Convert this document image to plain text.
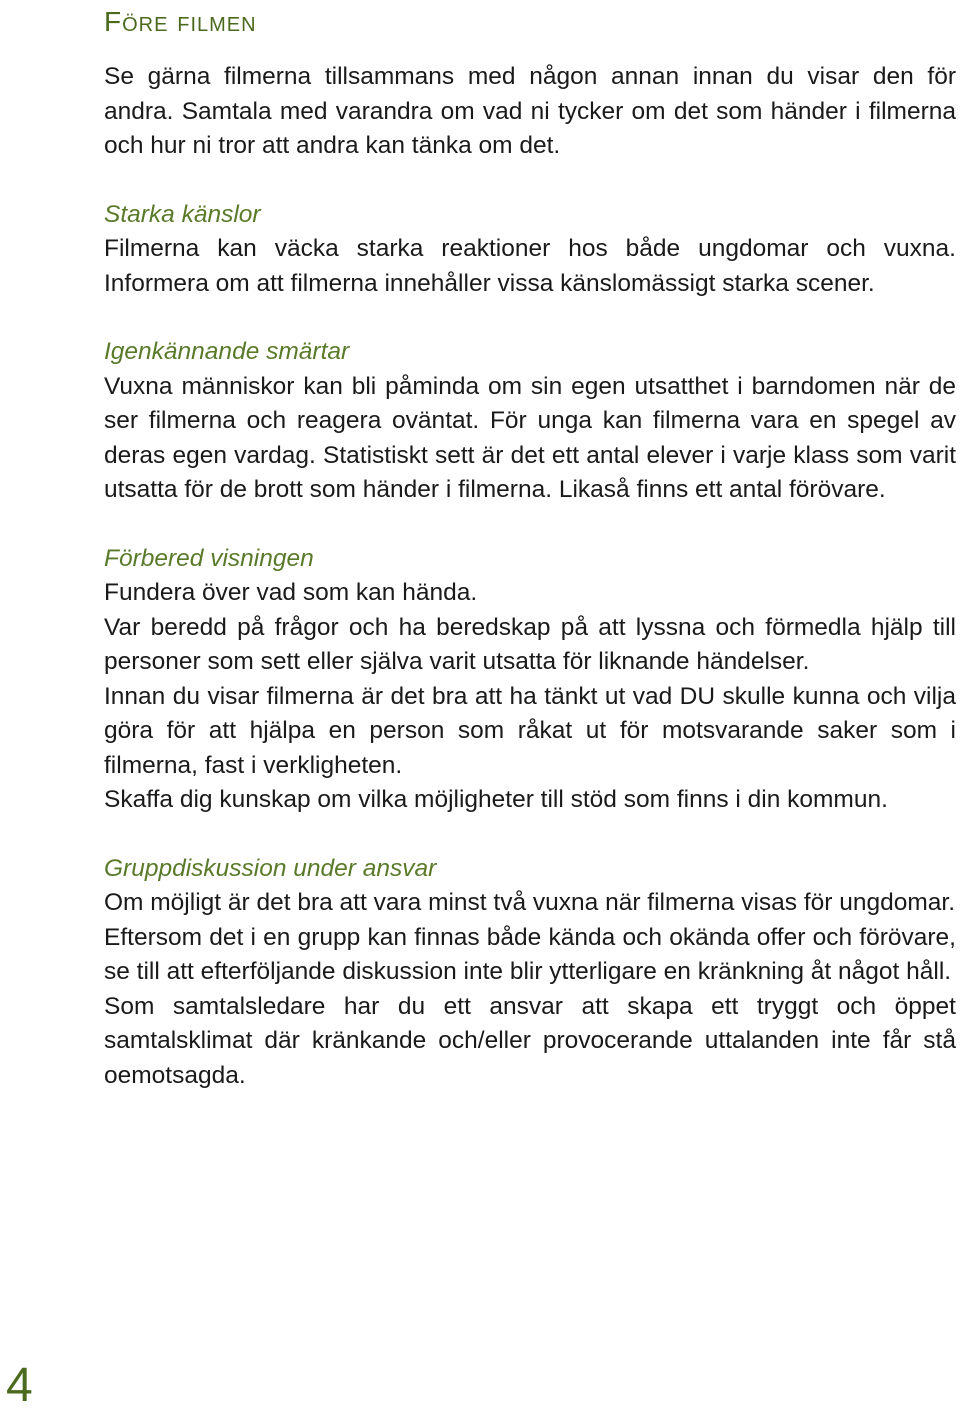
Före filmen

Se gärna filmerna tillsammans med någon annan innan du visar den för andra. Samtala med varandra om vad ni tycker om det som händer i filmerna och hur ni tror att andra kan tänka om det.

Starka känslor

Filmerna kan väcka starka reaktioner hos både ungdomar och vuxna. Informera om att filmerna innehåller vissa känslomässigt starka scener.

Igenkännande smärtar

Vuxna människor kan bli påminda om sin egen utsatthet i barndomen när de ser filmerna och reagera oväntat. För unga kan filmerna vara en spegel av deras egen vardag. Statistiskt sett är det ett antal elever i varje klass som varit utsatta för de brott som händer i filmerna. Likaså finns ett antal förövare.

Förbered visningen

Fundera över vad som kan hända.

Var beredd på frågor och ha beredskap på att lyssna och förmedla hjälp till personer som sett eller själva varit utsatta för liknande händelser.

Innan du visar filmerna är det bra att ha tänkt ut vad DU skulle kunna och vilja göra för att hjälpa en person som råkat ut för motsvarande saker som i filmerna, fast i verkligheten.

Skaffa dig kunskap om vilka möjligheter till stöd som finns i din kommun.

Gruppdiskussion under ansvar

Om möjligt är det bra att vara minst två vuxna när filmerna visas för ungdomar.

Eftersom det i en grupp kan finnas både kända och okända offer och förövare, se till att efterföljande diskussion inte blir ytterligare en kränkning åt något håll.

Som samtalsledare har du ett ansvar att skapa ett tryggt och öppet samtalsklimat där kränkande och/eller provocerande uttalanden inte får stå oemotsagda.

4
